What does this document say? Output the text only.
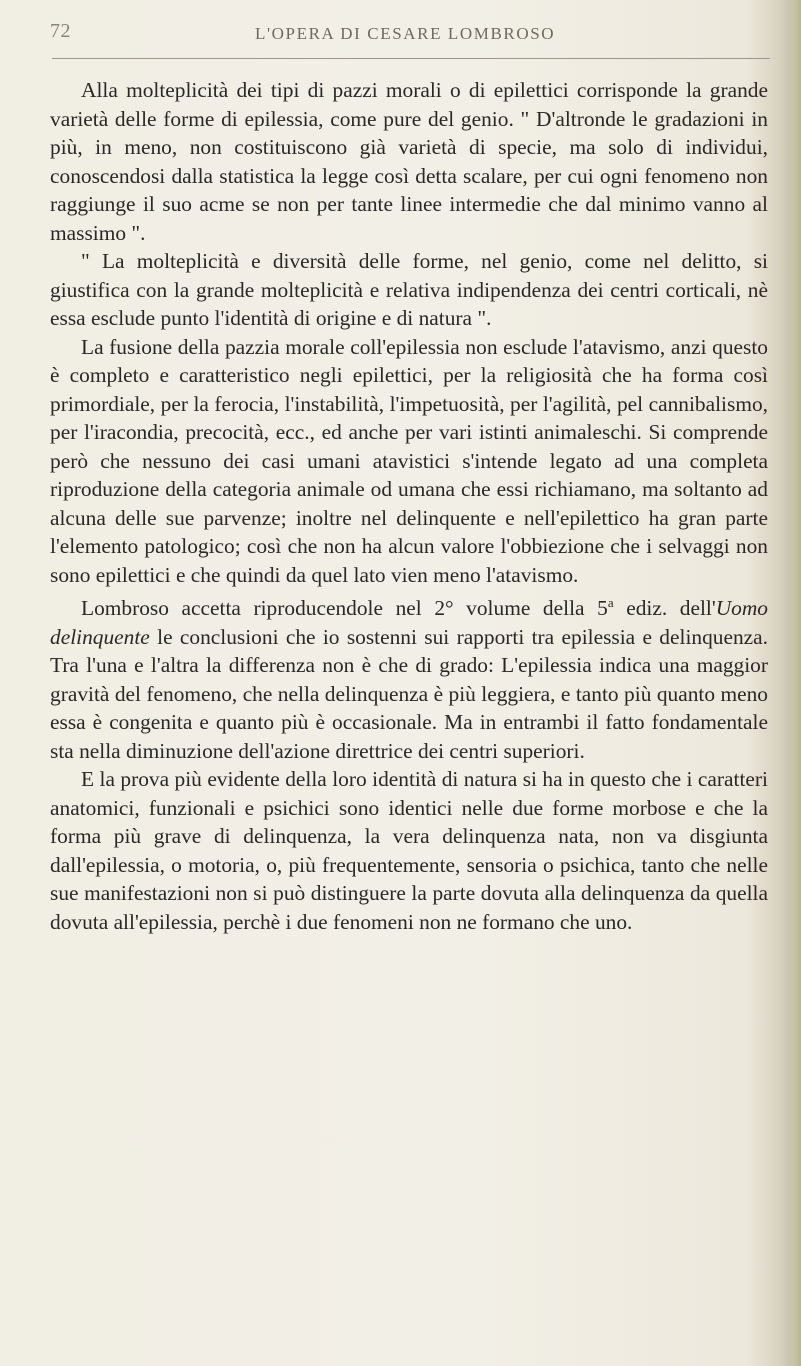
72	L'OPERA DI CESARE LOMBROSO

Alla molteplicità dei tipi di pazzi morali o di epilettici corrisponde la grande varietà delle forme di epilessia, come pure del genio. " D'altronde le gradazioni in più, in meno, non costituiscono già varietà di specie, ma solo di individui, conoscendosi dalla statistica la legge così detta scalare, per cui ogni fenomeno non raggiunge il suo acme se non per tante linee intermedie che dal minimo vanno al massimo ".

" La molteplicità e diversità delle forme, nel genio, come nel delitto, si giustifica con la grande molteplicità e relativa indipendenza dei centri corticali, nè essa esclude punto l'identità di origine e di natura ".

La fusione della pazzia morale coll'epilessia non esclude l'atavismo, anzi questo è completo e caratteristico negli epilettici, per la religiosità che ha forma così primordiale, per la ferocia, l'instabilità, l'impetuosità, per l'agilità, pel cannibalismo, per l'iracondia, precocità, ecc., ed anche per vari istinti animaleschi. Si comprende però che nessuno dei casi umani atavistici s'intende legato ad una completa riproduzione della categoria animale od umana che essi richiamano, ma soltanto ad alcuna delle sue parvenze; inoltre nel delinquente e nell'epilettico ha gran parte l'elemento patologico; così che non ha alcun valore l'obbiezione che i selvaggi non sono epilettici e che quindi da quel lato vien meno l'atavismo.

Lombroso accetta riproducendole nel 2° volume della 5$^a$ ediz. dell'Uomo delinquente le conclusioni che io sostenni sui rapporti tra epilessia e delinquenza. Tra l'una e l'altra la differenza non è che di grado: L'epilessia indica una maggior gravità del fenomeno, che nella delinquenza è più leggiera, e tanto più quanto meno essa è congenita e quanto più è occasionale. Ma in entrambi il fatto fondamentale sta nella diminuzione dell'azione direttrice dei centri superiori.

E la prova più evidente della loro identità di natura si ha in questo che i caratteri anatomici, funzionali e psichici sono identici nelle due forme morbose e che la forma più grave di delinquenza, la vera delinquenza nata, non va disgiunta dall'epilessia, o motoria, o, più frequentemente, sensoria o psichica, tanto che nelle sue manifestazioni non si può distinguere la parte dovuta alla delinquenza da quella dovuta all'epilessia, perchè i due fenomeni non ne formano che uno.
